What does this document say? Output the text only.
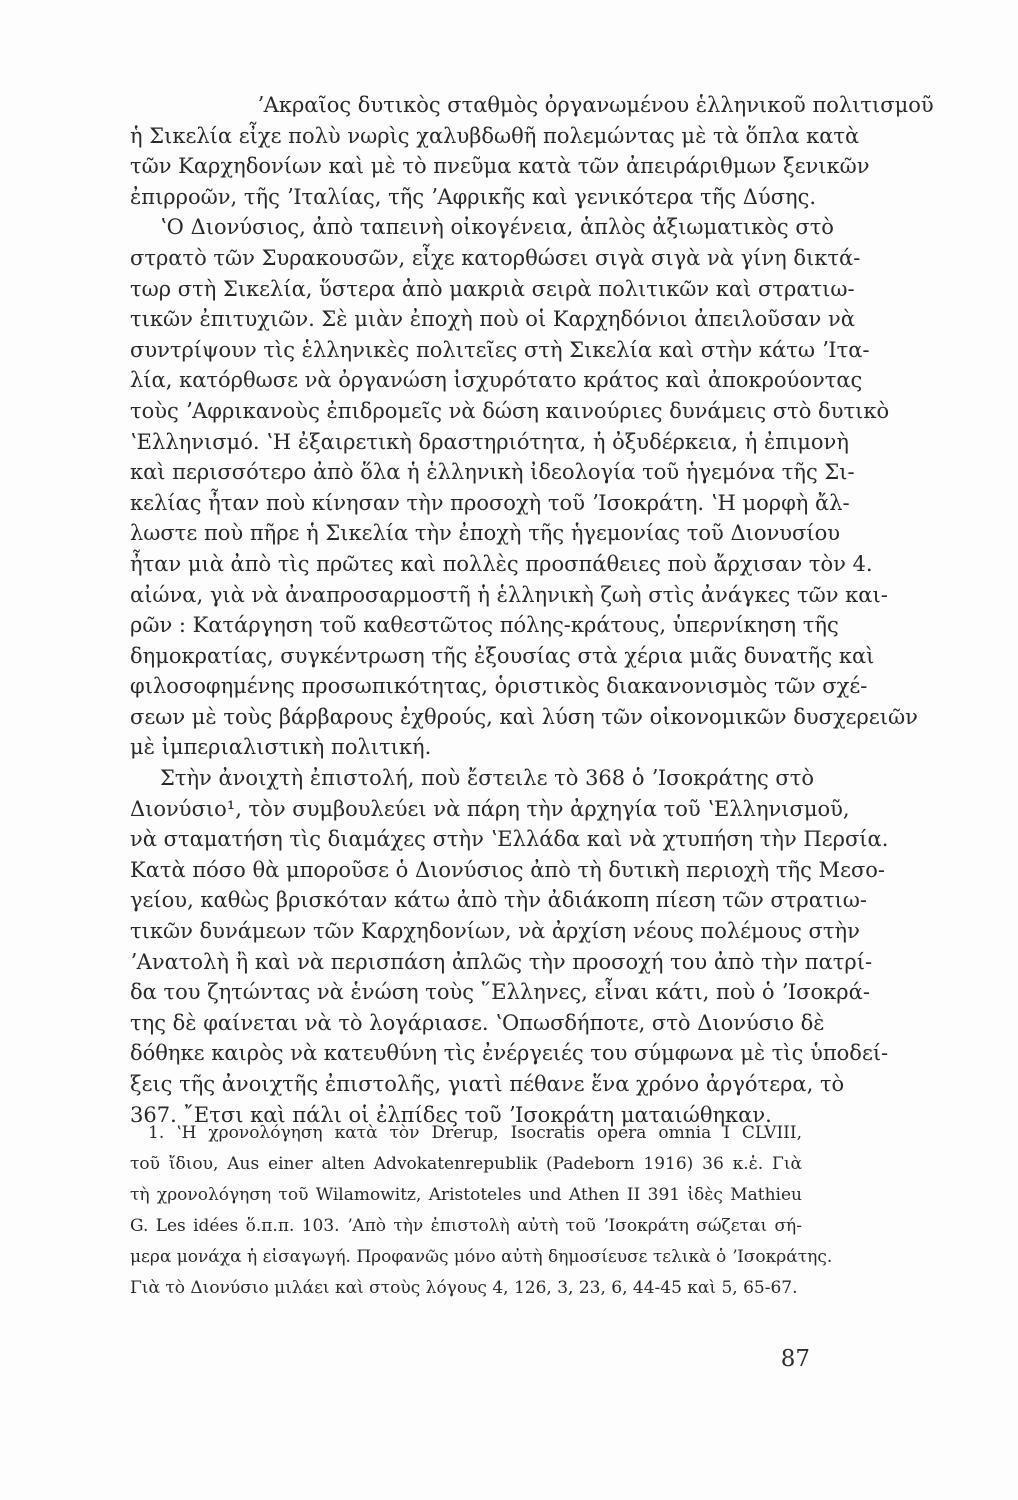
ʼΑκραῖος δυτικὸς σταθμὸς ὀργανωμένου ἑλληνικοῦ πολιτισμοῦ
ἡ Σικελία εἶχε πολὺ νωρὶς χαλυβδωθῆ πολεμώντας μὲ τὰ ὅπλα κατὰ
τῶν Καρχηδονίων καὶ μὲ τὸ πνεῦμα κατὰ τῶν ἀπειράριθμων ξενικῶν
ἐπιρροῶν, τῆς ʼΙταλίας, τῆς ʼΑφρικῆς καὶ γενικότερα τῆς Δύσης.
ʽΟ Διονύσιος, ἀπὸ ταπεινὴ οἰκογένεια, ἁπλὸς ἀξιωματικὸς στὸ
στρατὸ τῶν Συρακουσῶν, εἶχε κατορθώσει σιγὰ σιγὰ νὰ γίνη δικτά-
τωρ στὴ Σικελία, ὕστερα ἀπὸ μακριὰ σειρὰ πολιτικῶν καὶ στρατιω-
τικῶν ἐπιτυχιῶν. Σὲ μιὰν ἐποχὴ ποὺ οἱ Καρχηδόνιοι ἀπειλοῦσαν νὰ
συντρίψουν τὶς ἑλληνικὲς πολιτεῖες στὴ Σικελία καὶ στὴν κάτω ʼΙτα-
λία, κατόρθωσε νὰ ὀργανώση ἰσχυρότατο κράτος καὶ ἀποκρούοντας
τοὺς ʼΑφρικανοὺς ἐπιδρομεῖς νὰ δώση καινούριες δυνάμεις στὸ δυτικὸ
ʽΕλληνισμό. ʽΗ ἐξαιρετικὴ δραστηριότητα, ἡ ὀξυδέρκεια, ἡ ἐπιμονὴ
καὶ περισσότερο ἀπὸ ὅλα ἡ ἑλληνικὴ ἰδεολογία τοῦ ἡγεμόνα τῆς Σι-
κελίας ἦταν ποὺ κίνησαν τὴν προσοχὴ τοῦ ʼΙσοκράτη. ʽΗ μορφὴ ἄλ-
λωστε ποὺ πῆρε ἡ Σικελία τὴν ἐποχὴ τῆς ἡγεμονίας τοῦ Διονυσίου
ἦταν μιὰ ἀπὸ τὶς πρῶτες καὶ πολλὲς προσπάθειες ποὺ ἄρχισαν τὸν 4.
αἰώνα, γιὰ νὰ ἀναπροσαρμοστῆ ἡ ἑλληνικὴ ζωὴ στὶς ἀνάγκες τῶν και-
ρῶν : Κατάργηση τοῦ καθεστῶτος πόλης-κράτους, ὑπερνίκηση τῆς
δημοκρατίας, συγκέντρωση τῆς ἐξουσίας στὰ χέρια μιᾶς δυνατῆς καὶ
φιλοσοφημένης προσωπικότητας, ὁριστικὸς διακανονισμὸς τῶν σχέ-
σεων μὲ τοὺς βάρβαρους ἐχθρούς, καὶ λύση τῶν οἰκονομικῶν δυσχερειῶν
μὲ ἰμπεριαλιστικὴ πολιτική.
Στὴν ἀνοιχτὴ ἐπιστολή, ποὺ ἔστειλε τὸ 368 ὁ ʼΙσοκράτης στὸ
Διονύσιο¹, τὸν συμβουλεύει νὰ πάρη τὴν ἀρχηγία τοῦ ʽΕλληνισμοῦ,
νὰ σταματήση τὶς διαμάχες στὴν ʽΕλλάδα καὶ νὰ χτυπήση τὴν Περσία.
Κατὰ πόσο θὰ μποροῦσε ὁ Διονύσιος ἀπὸ τὴ δυτικὴ περιοχὴ τῆς Μεσο-
γείου, καθὼς βρισκόταν κάτω ἀπὸ τὴν ἀδιάκοπη πίεση τῶν στρατιω-
τικῶν δυνάμεων τῶν Καρχηδονίων, νὰ ἀρχίση νέους πολέμους στὴν
ʼΑνατολὴ ἢ καὶ νὰ περισπάση ἀπλῶς τὴν προσοχή του ἀπὸ τὴν πατρί-
δα του ζητώντας νὰ ἑνώση τοὺς ῞Ελληνες, εἶναι κάτι, ποὺ ὁ ʼΙσοκρά-
της δὲ φαίνεται νὰ τὸ λογάριασε. ʽΟπωσδήποτε, στὸ Διονύσιο δὲ
δόθηκε καιρὸς νὰ κατευθύνη τὶς ἐνέργειές του σύμφωνα μὲ τὶς ὑποδεί-
ξεις τῆς ἀνοιχτῆς ἐπιστολῆς, γιατὶ πέθανε ἕνα χρόνο ἀργότερα, τὸ
367. ῎Ετσι καὶ πάλι οἱ ἐλπίδες τοῦ ʼΙσοκράτη ματαιώθηκαν.
1. ʽΗ χρονολόγηση κατὰ τὸν Drerup, Isocratis opera omnia I CLVIII,
τοῦ ἴδιου, Aus einer alten Advokatenrepublik (Padeborn 1916) 36 κ.ἑ. Γιὰ
τὴ χρονολόγηση τοῦ Wilamowitz, Aristoteles und Athen II 391 ἰδὲς Mathieu
G. Les idées ὅ.π.π. 103. ʼΑπὸ τὴν ἐπιστολὴ αὐτὴ τοῦ ʼΙσοκράτη σώζεται σή-
μερα μονάχα ἡ εἰσαγωγή. Προφανῶς μόνο αὐτὴ δημοσίευσε τελικὰ ὁ ʼΙσοκράτης.
Γιὰ τὸ Διονύσιο μιλάει καὶ στοὺς λόγους 4, 126, 3, 23, 6, 44-45 καὶ 5, 65-67.
87
